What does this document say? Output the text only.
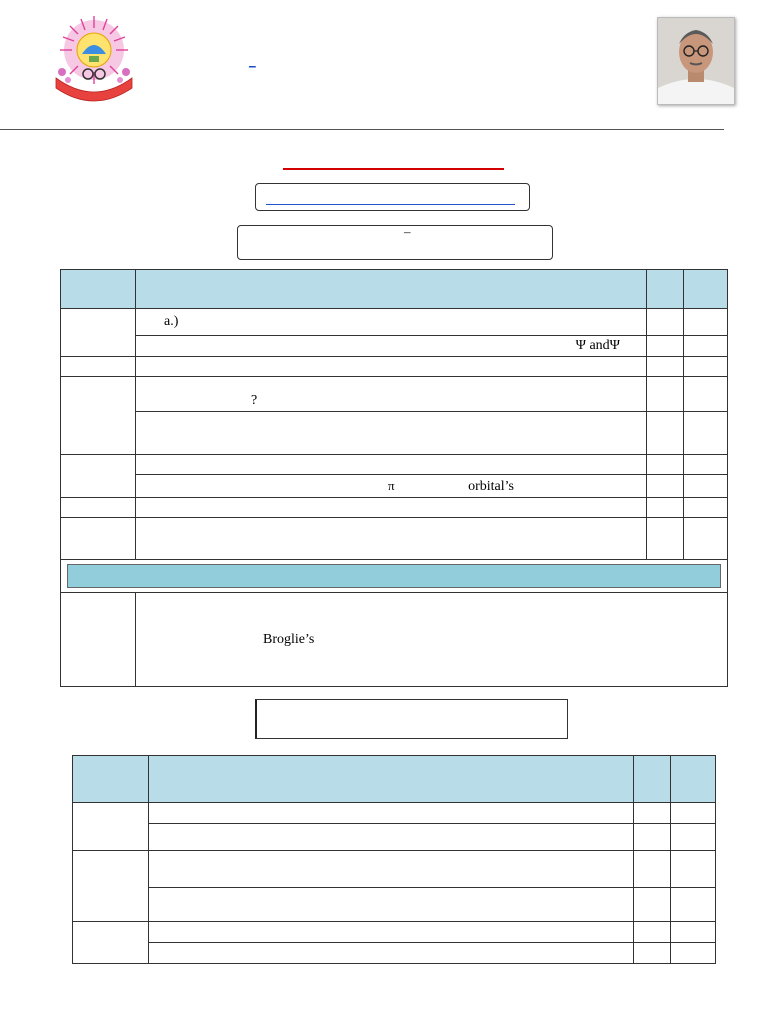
ज्ञान का उपासक
_
–

	a.)		
	Ψ andΨ		

	?		

	π orbital’s		

	Broglie’s		
